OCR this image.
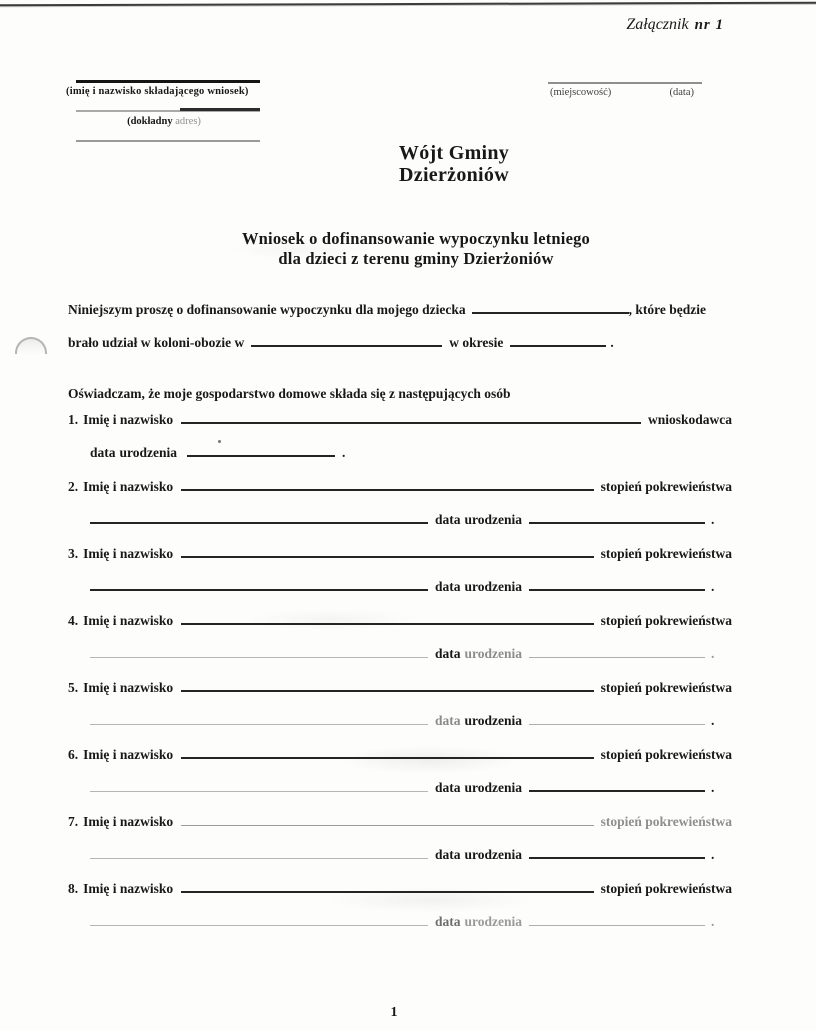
Załącznik nr 1
(imię i nazwisko składającego wniosek)
(dokładny adres)
(miejscowość)	(data)
Wójt Gminy
Dzierżoniów
Wniosek o dofinansowanie wypoczynku letniego
dla dzieci z terenu gminy Dzierżoniów
Niniejszym proszę o dofinansowanie wypoczynku dla mojego dziecka	, które będzie
brało udział w koloni-obozie w	w okresie	.
Oświadczam, że moje gospodarstwo domowe składa się z następujących osób
1. Imię i nazwisko	wnioskodawca
data urodzenia	.
2. Imię i nazwisko	stopień pokrewieństwa
data urodzenia	.
3. Imię i nazwisko	stopień pokrewieństwa
data urodzenia	.
4. Imię i nazwisko	stopień pokrewieństwa
data urodzenia	.
5. Imię i nazwisko	stopień pokrewieństwa
data urodzenia	.
6. Imię i nazwisko	stopień pokrewieństwa
data urodzenia	.
7. Imię i nazwisko	stopień pokrewieństwa
data urodzenia	.
8. Imię i nazwisko	stopień pokrewieństwa
data urodzenia	.
1
